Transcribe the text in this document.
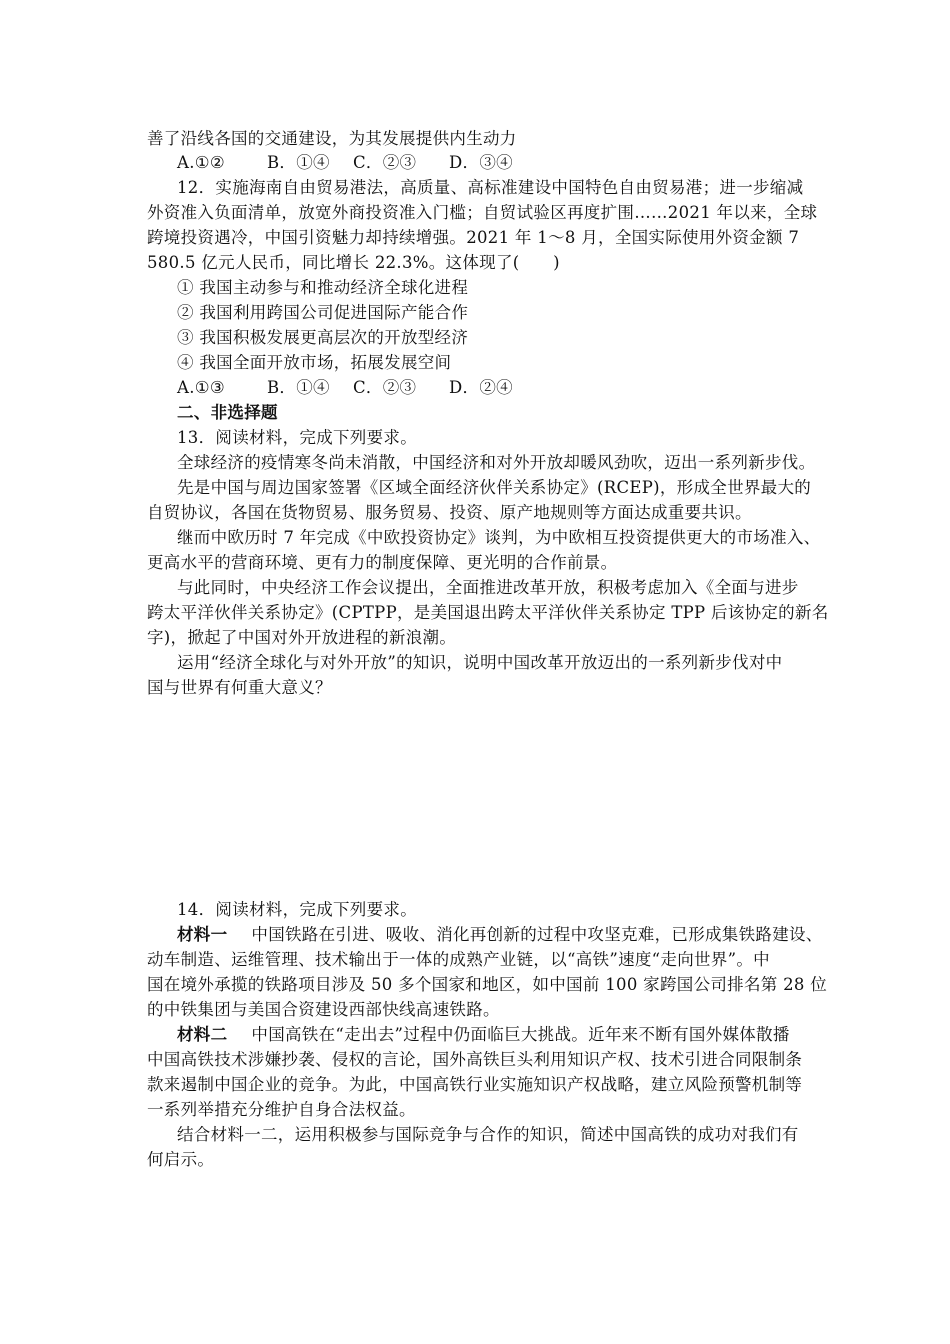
善了沿线各国的交通建设，为其发展提供内生动力
A.①②	B．①④ C．②③ D．③④
12．实施海南自由贸易港法，高质量、高标准建设中国特色自由贸易港；进一步缩减
外资准入负面清单，放宽外商投资准入门槛；自贸试验区再度扩围……2021 年以来，全球
跨境投资遇冷，中国引资魅力却持续增强。2021 年 1～8 月，全国实际使用外资金额 7
580.5 亿元人民币，同比增长 22.3%。这体现了(　　)
① 我国主动参与和推动经济全球化进程
② 我国利用跨国公司促进国际产能合作
③ 我国积极发展更高层次的开放型经济
④ 我国全面开放市场，拓展发展空间
A.①③	B．①④ C．②③ D．②④
二、非选择题
13．阅读材料，完成下列要求。
全球经济的疫情寒冬尚未消散，中国经济和对外开放却暖风劲吹，迈出一系列新步伐。
先是中国与周边国家签署《区域全面经济伙伴关系协定》(RCEP)，形成全世界最大的
自贸协议，各国在货物贸易、服务贸易、投资、原产地规则等方面达成重要共识。
继而中欧历时 7 年完成《中欧投资协定》谈判，为中欧相互投资提供更大的市场准入、
更高水平的营商环境、更有力的制度保障、更光明的合作前景。
与此同时，中央经济工作会议提出，全面推进改革开放，积极考虑加入《全面与进步
跨太平洋伙伴关系协定》(CPTPP，是美国退出跨太平洋伙伴关系协定 TPP 后该协定的新名
字)，掀起了中国对外开放进程的新浪潮。
运用“经济全球化与对外开放”的知识，说明中国改革开放迈出的一系列新步伐对中
国与世界有何重大意义？
14．阅读材料，完成下列要求。
材料一 中国铁路在引进、吸收、消化再创新的过程中攻坚克难，已形成集铁路建设、
动车制造、运维管理、技术输出于一体的成熟产业链，以“高铁”速度“走向世界”。中
国在境外承揽的铁路项目涉及 50 多个国家和地区，如中国前 100 家跨国公司排名第 28 位
的中铁集团与美国合资建设西部快线高速铁路。
材料二 中国高铁在“走出去”过程中仍面临巨大挑战。近年来不断有国外媒体散播
中国高铁技术涉嫌抄袭、侵权的言论，国外高铁巨头利用知识产权、技术引进合同限制条
款来遏制中国企业的竞争。为此，中国高铁行业实施知识产权战略，建立风险预警机制等
一系列举措充分维护自身合法权益。
结合材料一二，运用积极参与国际竞争与合作的知识，简述中国高铁的成功对我们有
何启示。
